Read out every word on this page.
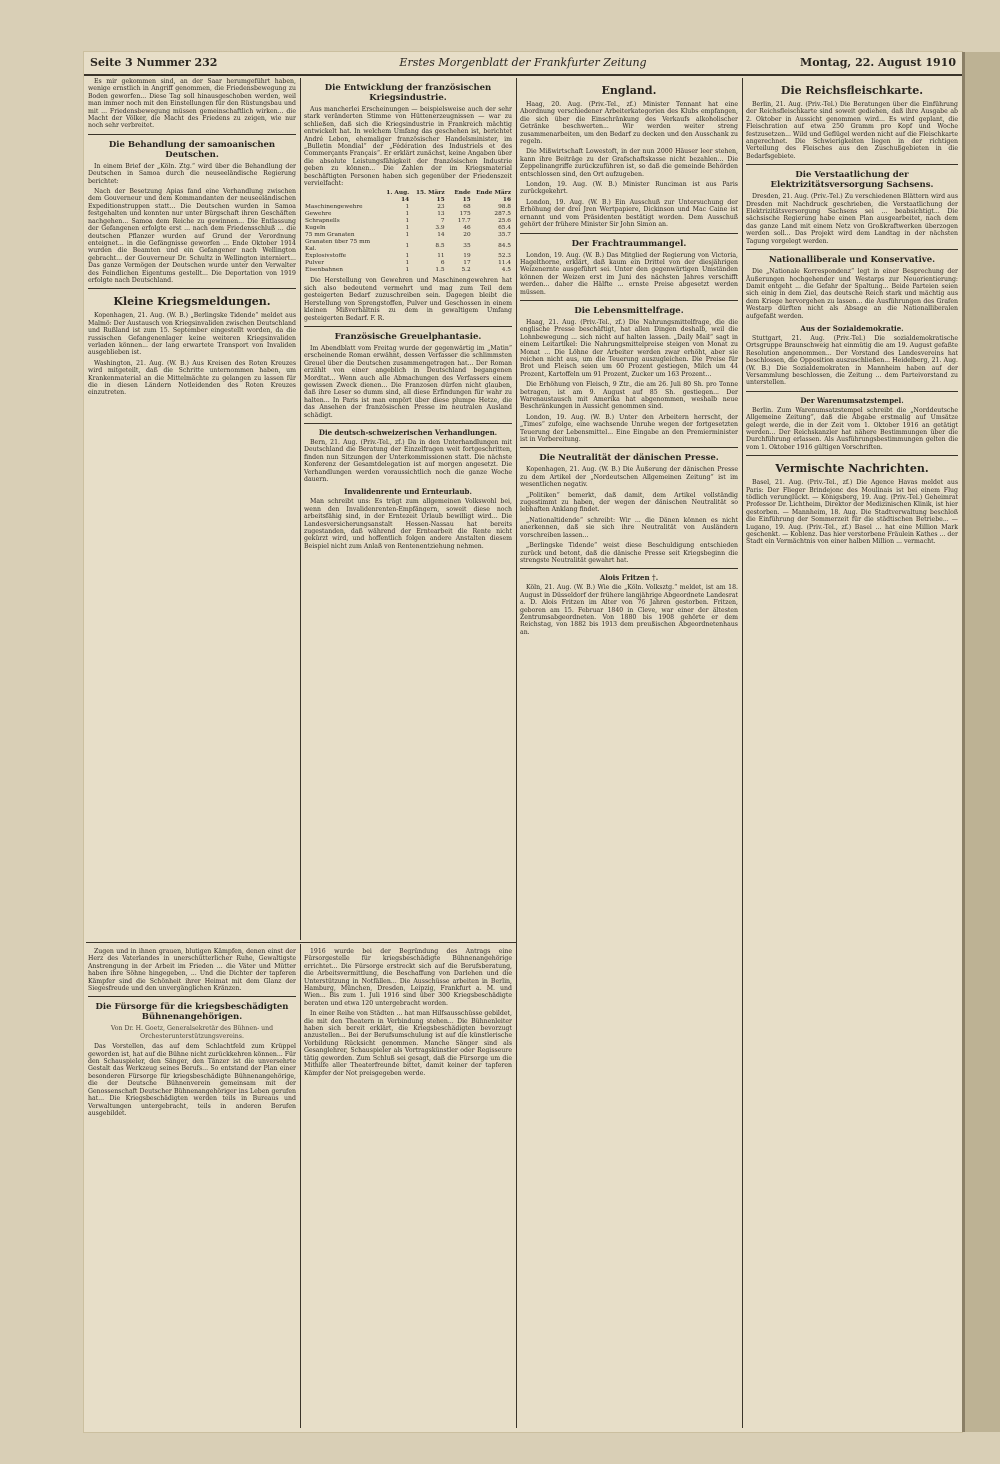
Seite 3 Nummer 232	Erstes Morgenblatt der Frankfurter Zeitung	Montag, 22. August 1910

Es mir gekommen sind, an der Saar herumgeführt haben, wenige ernstlich in Angriff genommen, die Friedensbewegung zu Boden geworfen... Diese Tag soll hinausgeschoben werden, weil man immer noch mit den Einstellungen für den Rüstungsbau und mit ... Friedensbewegung müssen gemeinschaftlich wirken... die Macht der Völker, die Macht des Friedens zu zeigen, wie nur noch sehr verbreitet.

Die Behandlung der samoanischen Deutschen.

In einem Brief der „Köln. Ztg.“ wird über die Behandlung der Deutschen in Samoa durch die neuseeländische Regierung berichtet:

Nach der Besetzung Apias fand eine Verhandlung zwischen dem Gouverneur und dem Kommandanten der neuseeländischen Expeditionstruppen statt... Die Deutschen wurden in Samoa festgehalten und konnten nur unter Bürgschaft ihren Geschäften nachgehen... Samoa dem Reiche zu gewinnen... Die Entlassung der Gefangenen erfolgte erst ... nach dem Friedensschluß ... die deutschen Pflanzer wurden auf Grund der Verordnung enteignet... in die Gefängnisse geworfen ... Ende Oktober 1914 wurden die Beamten und ein Gefangener nach Wellington gebracht... der Gouverneur Dr. Schultz in Wellington interniert... Das ganze Vermögen der Deutschen wurde unter den Verwalter des Feindlichen Eigentums gestellt... Die Deportation von 1919 erfolgte nach Deutschland.

Kleine Kriegsmeldungen.

Kopenhagen, 21. Aug. (W. B.) „Berlingske Tidende“ meldet aus Malmö: Der Austausch von Kriegsinvaliden zwischen Deutschland und Rußland ist zum 15. September eingestellt worden, da die russischen Gefangenenlager keine weiteren Kriegsinvaliden verladen können... der lang erwartete Transport von Invaliden ausgeblieben ist.

Washington, 21. Aug. (W. B.) Aus Kreisen des Roten Kreuzes wird mitgeteilt, daß die Schritte unternommen haben, um Krankenmaterial an die Mittelmächte zu gelangen zu lassen für die in diesen Ländern Notleidenden des Roten Kreuzes einzutreten.

Die Entwicklung der französischen Kriegsindustrie.

Aus mancherlei Erscheinungen — beispielsweise auch der sehr stark veränderten Stimme von Hüttenerzeugnissen — war zu schließen, daß sich die Kriegsindustrie in Frankreich mächtig entwickelt hat. In welchem Umfang das geschehen ist, berichtet André Lebon, ehemaliger französischer Handelsminister, im „Bulletin Mondial“ der „Fédération des Industriels et des Commerçants Français“. Er erklärt zunächst, keine Angaben über die absolute Leistungsfähigkeit der französischen Industrie geben zu können... Die Zahlen der im Kriegsmaterial beschäftigten Personen haben sich gegenüber der Friedenszeit vervielfacht:

	1. Aug. 14	15. März 15	Ende 15	Ende März 16
Maschinengewehre	1	23	68	98.8
Gewehre	1	13	175	287.5
Schrapnells	1	7	17.7	25.6
Kugeln	1	3.9	46	65.4
75 mm Granaten	1	14	20	35.7
Granaten über 75 mm Kal.	1	8.5	35	84.5
Explosivstoffe	1	11	19	52.3
Pulver	1	6	17	11.4
Eisenbahnen	1	1.5	5.2	4.5

Die Herstellung von Gewehren und Maschinengewehren hat sich also bedeutend vermehrt und mag zum Teil dem gesteigerten Bedarf zuzuschreiben sein. Dagegen bleibt die Herstellung von Sprengstoffen, Pulver und Geschossen in einem kleinen Mißverhältnis zu dem in gewaltigem Umfang gesteigerten Bedarf. F. R.

Französische Greuelphantasie.

Im Abendblatt vom Freitag wurde der gegenwärtig im „Matin“ erscheinende Roman erwähnt, dessen Verfasser die schlimmsten Greuel über die Deutschen zusammengetragen hat... Der Roman erzählt von einer angeblich in Deutschland begangenen Mordtat... Wenn auch alle Abmachungen des Verfassers einem gewissen Zweck dienen... Die Franzosen dürfen nicht glauben, daß ihre Leser so dumm sind, all diese Erfindungen für wahr zu halten... In Paris ist man empört über diese plumpe Hetze, die das Ansehen der französischen Presse im neutralen Ausland schädigt.

Die deutsch-schweizerischen Verhandlungen.

Bern, 21. Aug. (Priv.-Tel., zf.) Da in den Unterhandlungen mit Deutschland die Beratung der Einzelfragen weit fortgeschritten, finden nun Sitzungen der Unterkommissionen statt. Die nächste Konferenz der Gesamtdelegation ist auf morgen angesetzt. Die Verhandlungen werden voraussichtlich noch die ganze Woche dauern.

Invalidenrente und Ernteurlaub.

Man schreibt uns: Es trägt zum allgemeinen Volkswohl bei, wenn den Invalidenrenten-Empfängern, soweit diese noch arbeitsfähig sind, in der Erntezeit Urlaub bewilligt wird... Die Landesversicherungsanstalt Hessen-Nassau hat bereits zugestanden, daß während der Erntearbeit die Rente nicht gekürzt wird, und hoffentlich folgen andere Anstalten diesem Beispiel nicht zum Anlaß von Rentenentziehung nehmen.

England.

Haag, 20. Aug. (Priv.-Tel., zf.) Minister Tennant hat eine Abordnung verschiedener Arbeiterkategorien des Klubs empfangen, die sich über die Einschränkung des Verkaufs alkoholischer Getränke beschwerten... Wir werden weiter streng zusammenarbeiten, um den Bedarf zu decken und den Ausschank zu regeln.

Die Mißwirtschaft Lowestoft, in der nun 2000 Häuser leer stehen, kann ihre Beiträge zu der Grafschaftskasse nicht bezahlen... Die Zeppelinangriffe zurückzuführen ist, so daß die gemeinde Behörden entschlossen sind, den Ort aufzugeben.

London, 19. Aug. (W. B.) Minister Runciman ist aus Paris zurückgekehrt.

London, 19. Aug. (W. B.) Ein Ausschuß zur Untersuchung der Erhöhung der drei Jren Wertpapiere, Dickinson und Mac Caine ist ernannt und vom Präsidenten bestätigt worden. Dem Ausschuß gehört der frühere Minister Sir John Simon an.

Der Frachtraummangel.

London, 19. Aug. (W. B.) Das Mitglied der Regierung von Victoria, Hagelthorne, erklärt, daß kaum ein Drittel von der diesjährigen Weizenernte ausgeführt sei. Unter den gegenwärtigen Umständen können der Weizen erst im Juni des nächsten Jahres verschifft werden... daher die Hälfte ... ernste Preise abgesetzt werden müssen.

Die Lebensmittelfrage.

Haag, 21. Aug. (Priv.-Tel., zf.) Die Nahrungsmittelfrage, die die englische Presse beschäftigt, hat allen Dingen deshalb, weil die Lohnbewegung ... sich nicht auf halten lassen. „Daily Mail“ sagt in einem Leitartikel: Die Nahrungsmittelpreise steigen von Monat zu Monat ... Die Löhne der Arbeiter werden zwar erhöht, aber sie reichen nicht aus, um die Teuerung auszugleichen. Die Preise für Brot und Fleisch seien um 60 Prozent gestiegen, Milch um 44 Prozent, Kartoffeln um 91 Prozent, Zucker um 163 Prozent...

Die Erhöhung von Fleisch, 9 Ztr., die am 26. Juli 80 Sh. pro Tonne betragen, ist am 9. August auf 85 Sh. gestiegen... Der Warenaustausch mit Amerika hat abgenommen, weshalb neue Beschränkungen in Aussicht genommen sind.

London, 19. Aug. (W. B.) Unter den Arbeitern herrscht, der „Times“ zufolge, eine wachsende Unruhe wegen der fortgesetzten Teuerung der Lebensmittel... Eine Eingabe an den Premierminister ist in Vorbereitung.

Die Neutralität der dänischen Presse.

Kopenhagen, 21. Aug. (W. B.) Die Äußerung der dänischen Presse zu dem Artikel der „Nordeutschen Allgemeinen Zeitung“ ist im wesentlichen negativ.

„Politiken“ bemerkt, daß damit, dem Artikel vollständig zugestimmt zu haben, der wegen der dänischen Neutralität so lebhaften Anklang findet.

„Nationaltidende“ schreibt: Wir ... die Dänen können es nicht anerkennen, daß sie sich ihre Neutralität von Ausländern vorschreiben lassen...

„Berlingske Tidende“ weist diese Beschuldigung entschieden zurück und betont, daß die dänische Presse seit Kriegsbeginn die strengste Neutralität gewahrt hat.

Alois Fritzen †.

Köln, 21. Aug. (W. B.) Wie die „Köln. Volksztg.“ meldet, ist am 18. August in Düsseldorf der frühere langjährige Abgeordnete Landesrat a. D. Alois Fritzen im Alter von 76 Jahren gestorben. Fritzen, geboren am 15. Februar 1840 in Cleve, war einer der ältesten Zentrumsabgeordneten. Von 1880 bis 1908 gehörte er dem Reichstag, von 1882 bis 1913 dem preußischen Abgeordnetenhaus an.

Die Reichsfleischkarte.

Berlin, 21. Aug. (Priv.-Tel.) Die Beratungen über die Einführung der Reichsfleischkarte sind soweit gediehen, daß ihre Ausgabe ab 2. Oktober in Aussicht genommen wird... Es wird geplant, die Fleischration auf etwa 250 Gramm pro Kopf und Woche festzusetzen... Wild und Geflügel werden nicht auf die Fleischkarte angerechnet. Die Schwierigkeiten liegen in der richtigen Verteilung des Fleisches aus den Zuschußgebieten in die Bedarfsgebiete.

Die Verstaatlichung der Elektrizitätsversorgung Sachsens.

Dresden, 21. Aug. (Priv.-Tel.) Zu verschiedenen Blättern wird aus Dresden mit Nachdruck geschrieben, die Verstaatlichung der Elektrizitätsversorgung Sachsens sei ... beabsichtigt... Die sächsische Regierung habe einen Plan ausgearbeitet, nach dem das ganze Land mit einem Netz von Großkraftwerken überzogen werden soll... Das Projekt wird dem Landtag in der nächsten Tagung vorgelegt werden.

Nationalliberale und Konservative.

Die „Nationale Korrespondenz“ legt in einer Besprechung der Äußerungen hochgehender und Westarps zur Neuorientierung: Damit entgeht ... die Gefahr der Spaltung... Beide Parteien seien sich einig in dem Ziel, das deutsche Reich stark und mächtig aus dem Kriege hervorgehen zu lassen... die Ausführungen des Grafen Westarp dürften nicht als Absage an die Nationalliberalen aufgefaßt werden.

Aus der Sozialdemokratie.

Stuttgart, 21. Aug. (Priv.-Tel.) Die sozialdemokratische Ortsgruppe Braunschweig hat einmütig die am 19. August gefaßte Resolution angenommen... Der Vorstand des Landesvereins hat beschlossen, die Opposition auszuschließen... Heidelberg, 21. Aug. (W. B.) Die Sozialdemokraten in Mannheim haben auf der Versammlung beschlossen, die Zeitung ... dem Parteivorstand zu unterstellen.

Der Warenumsatzstempel.

Berlin. Zum Warenumsatzstempel schreibt die „Norddeutsche Allgemeine Zeitung“, daß die Abgabe erstmalig auf Umsätze gelegt werde, die in der Zeit vom 1. Oktober 1916 an getätigt werden... Der Reichskanzler hat nähere Bestimmungen über die Durchführung erlassen. Als Ausführungsbestimmungen gelten die vom 1. Oktober 1916 gültigen Vorschriften.

Vermischte Nachrichten.

Basel, 21. Aug. (Priv.-Tel., zf.) Die Agence Havas meldet aus Paris: Der Flieger Brindejonc des Moulinais ist bei einem Flug tödlich verunglückt. — Königsberg, 19. Aug. (Priv.-Tel.) Geheimrat Professor Dr. Lichtheim, Direktor der Medizinischen Klinik, ist hier gestorben. — Mannheim, 18. Aug. Die Stadtverwaltung beschloß die Einführung der Sommerzeit für die städtischen Betriebe... — Lugano, 19. Aug. (Priv.-Tel., zf.) Basel ... hat eine Million Mark geschenkt. — Koblenz. Das hier verstorbene Fräulein Kathes ... der Stadt ein Vermächtnis von einer halben Million ... vermacht.

Zugen und in ihnen grauen, blutigen Kämpfen, denen einst der Herz des Vaterlandes in unerschütterlicher Ruhe, Gewaltigste Anstrengung in der Arbeit im Frieden ... die Väter und Mütter haben ihre Söhne hingegeben, ... Und die Dichter der tapferen Kämpfer sind die Schönheit ihrer Heimat mit dem Glanz der Siegesfreude und den unvergänglichen Kränzen.

Die Fürsorge für die kriegsbeschädigten Bühnenangehörigen.

Von Dr. H. Goetz, Generalsekretär des Bühnen- und Orchesterunterstützungsvereins.

Das Vorstellen, das auf dem Schlachtfeld zum Krüppel geworden ist, hat auf die Bühne nicht zurückkehren können... Für den Schauspieler, den Sänger, den Tänzer ist die unversehrte Gestalt das Werkzeug seines Berufs... So entstand der Plan einer besonderen Fürsorge für kriegsbeschädigte Bühnenangehörige, die der Deutsche Bühnenverein gemeinsam mit der Genossenschaft Deutscher Bühnenangehöriger ins Leben gerufen hat... Die Kriegsbeschädigten werden teils in Bureaus und Verwaltungen untergebracht, teils in anderen Berufen ausgebildet.

1916 wurde bei der Begründung des Antrags eine Fürsorgestelle für kriegsbeschädigte Bühnenangehörige errichtet... Die Fürsorge erstreckt sich auf die Berufsberatung, die Arbeitsvermittlung, die Beschaffung von Darlehen und die Unterstützung in Notfällen... Die Ausschüsse arbeiten in Berlin, Hamburg, München, Dresden, Leipzig, Frankfurt a. M. und Wien... Bis zum 1. Juli 1916 sind über 300 Kriegsbeschädigte beraten und etwa 120 untergebracht worden.

In einer Reihe von Städten ... hat man Hilfsausschüsse gebildet, die mit den Theatern in Verbindung stehen... Die Bühnenleiter haben sich bereit erklärt, die Kriegsbeschädigten bevorzugt anzustellen... Bei der Berufsumschulung ist auf die künstlerische Vorbildung Rücksicht genommen. Manche Sänger sind als Gesanglehrer, Schauspieler als Vortragskünstler oder Regisseure tätig geworden. Zum Schluß sei gesagt, daß die Fürsorge um die Mithilfe aller Theaterfreunde bittet, damit keiner der tapferen Kämpfer der Not preisgegeben werde.
